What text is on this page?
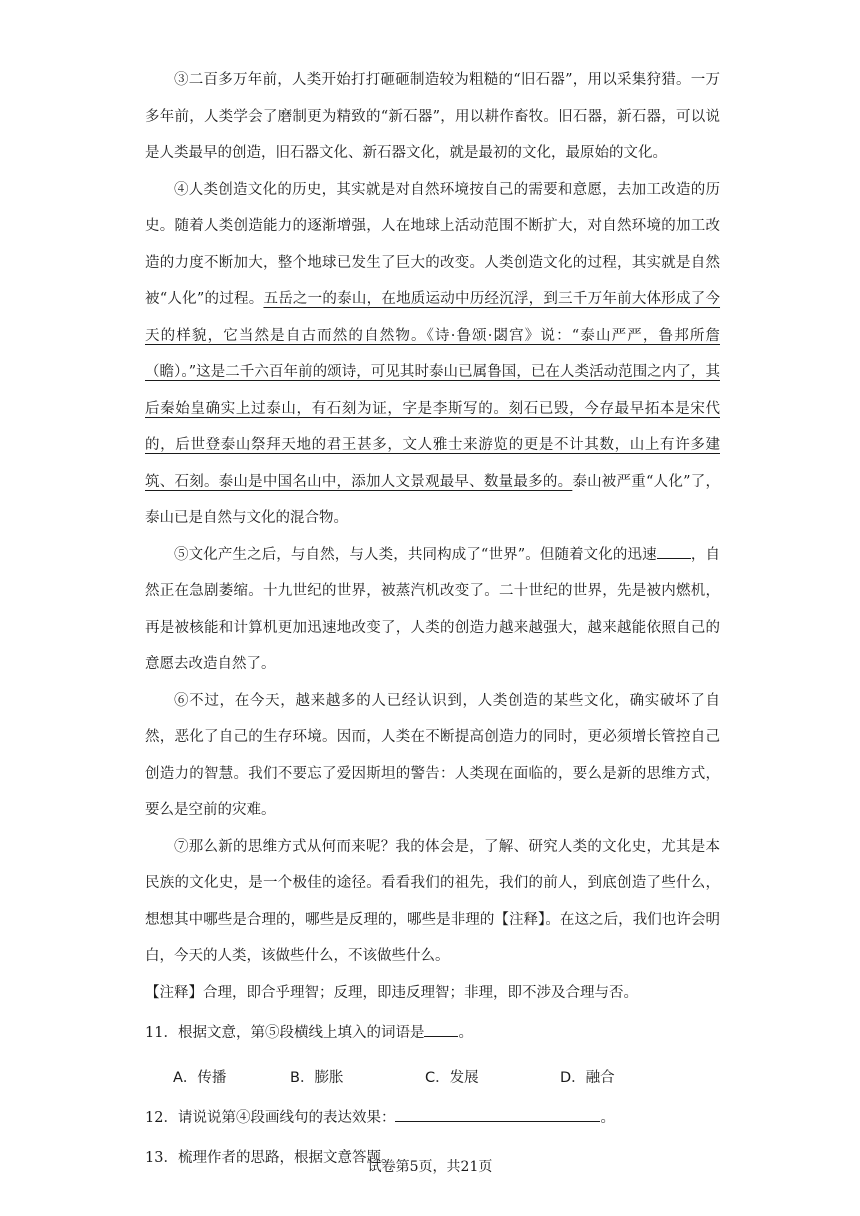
③二百多万年前，人类开始打打砸砸制造较为粗糙的“旧石器”，用以采集狩猎。一万多年前，人类学会了磨制更为精致的“新石器”，用以耕作畜牧。旧石器，新石器，可以说是人类最早的创造，旧石器文化、新石器文化，就是最初的文化，最原始的文化。

④人类创造文化的历史，其实就是对自然环境按自己的需要和意愿，去加工改造的历史。随着人类创造能力的逐渐增强，人在地球上活动范围不断扩大，对自然环境的加工改造的力度不断加大，整个地球已发生了巨大的改变。人类创造文化的过程，其实就是自然被“人化”的过程。五岳之一的泰山，在地质运动中历经沉浮，到三千万年前大体形成了今天的样貌，它当然是自古而然的自然物。《诗·鲁颂·閟宫》说：“泰山严严，鲁邦所詹（瞻）。”这是二千六百年前的颂诗，可见其时泰山已属鲁国，已在人类活动范围之内了，其后秦始皇确实上过泰山，有石刻为证，字是李斯写的。刻石已毁，今存最早拓本是宋代的，后世登泰山祭拜天地的君王甚多，文人雅士来游览的更是不计其数，山上有许多建筑、石刻。泰山是中国名山中，添加人文景观最早、数量最多的。泰山被严重“人化”了，泰山已是自然与文化的混合物。

⑤文化产生之后，与自然，与人类，共同构成了“世界”。但随着文化的迅速 ，自然正在急剧萎缩。十九世纪的世界，被蒸汽机改变了。二十世纪的世界，先是被内燃机，再是被核能和计算机更加迅速地改变了，人类的创造力越来越强大，越来越能依照自己的意愿去改造自然了。

⑥不过，在今天，越来越多的人已经认识到，人类创造的某些文化，确实破坏了自然，恶化了自己的生存环境。因而，人类在不断提高创造力的同时，更必须增长管控自己创造力的智慧。我们不要忘了爱因斯坦的警告：人类现在面临的，要么是新的思维方式，要么是空前的灾难。

⑦那么新的思维方式从何而来呢？我的体会是，了解、研究人类的文化史，尤其是本民族的文化史，是一个极佳的途径。看看我们的祖先，我们的前人，到底创造了些什么，想想其中哪些是合理的，哪些是反理的，哪些是非理的【注释】。在这之后，我们也许会明白，今天的人类，该做些什么，不该做些什么。

【注释】合理，即合乎理智；反理，即违反理智；非理，即不涉及合理与否。

11．根据文意，第⑤段横线上填入的词语是 。

A．传播	B．膨胀	C．发展	D．融合

12．请说说第④段画线句的表达效果：	。

13．梳理作者的思路，根据文意答题。

试卷第5页，共21页
